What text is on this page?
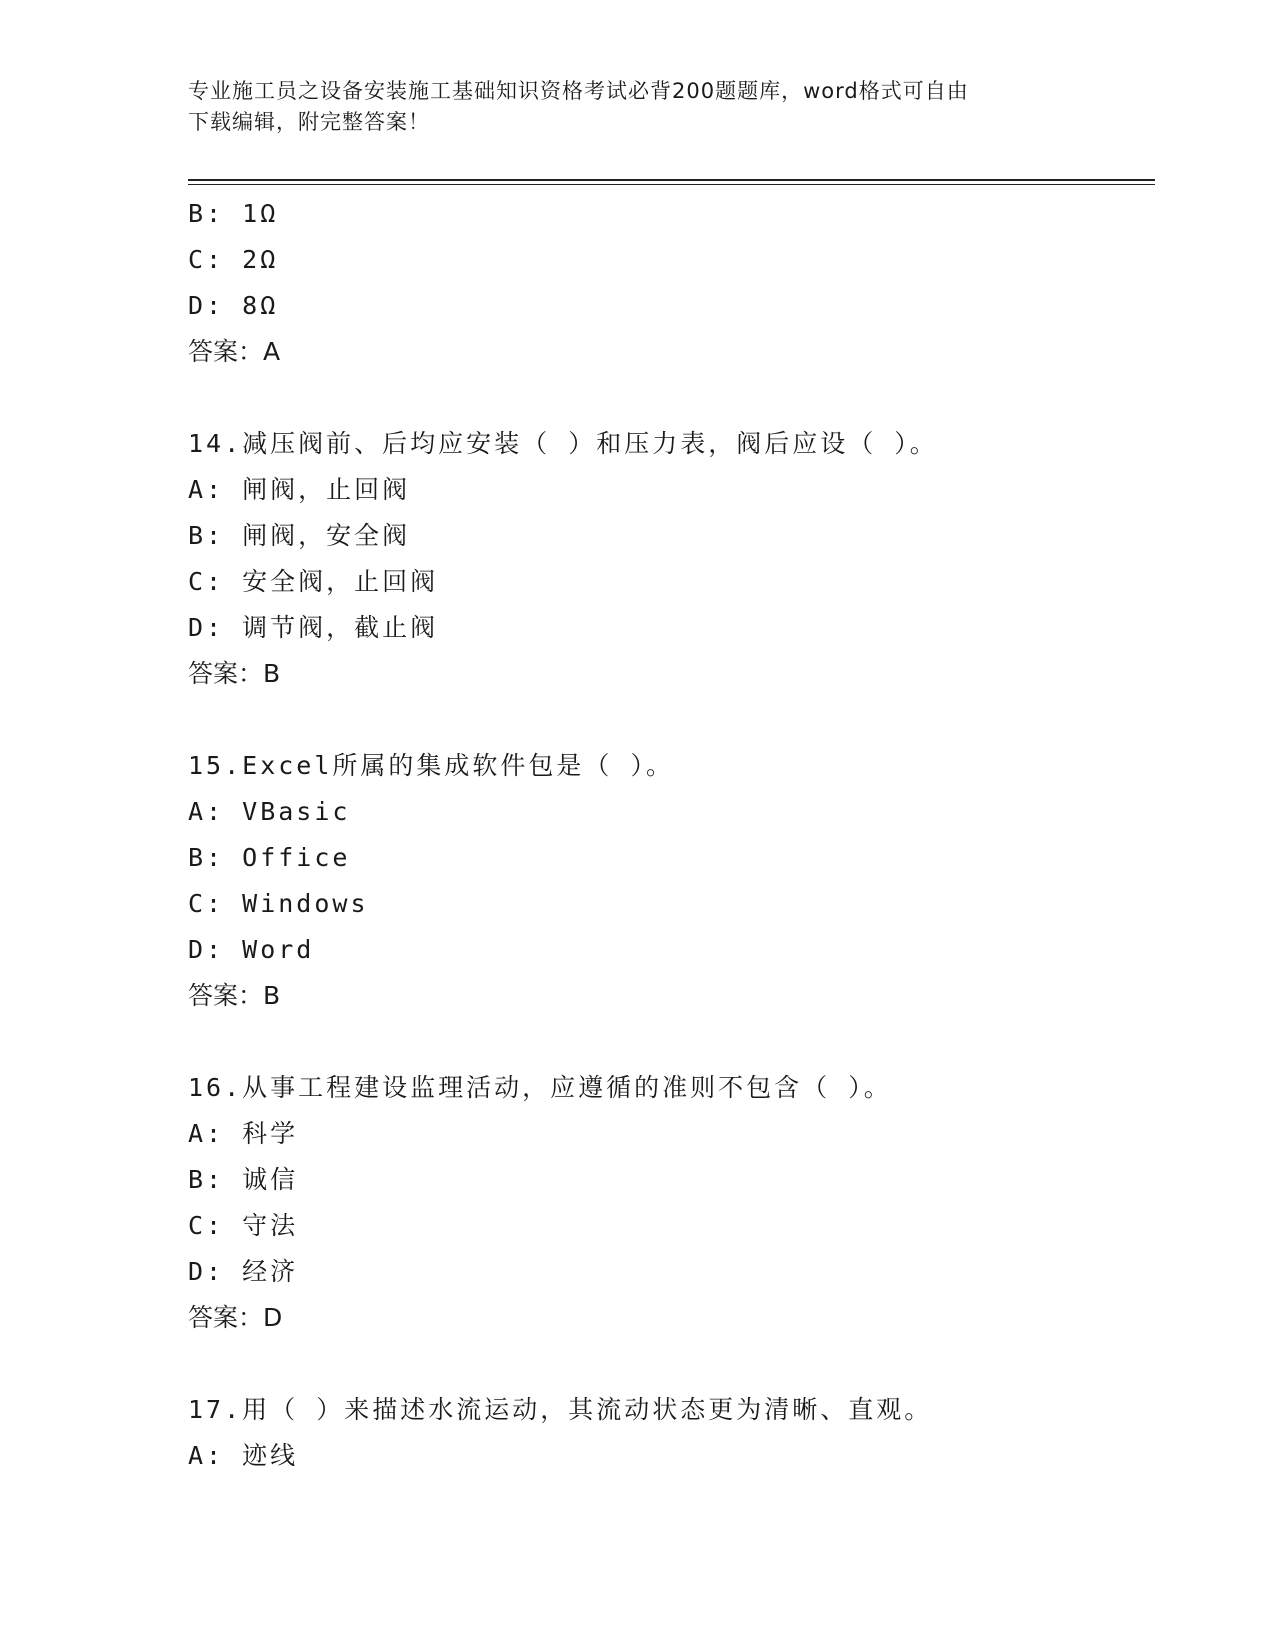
专业施工员之设备安装施工基础知识资格考试必背200题题库，word格式可自由
下载编辑，附完整答案！
B: 1Ω
C: 2Ω
D: 8Ω
答案：A
14.减压阀前、后均应安装（ ）和压力表，阀后应设（ ）。
A: 闸阀，止回阀
B: 闸阀，安全阀
C: 安全阀，止回阀
D: 调节阀，截止阀
答案：B
15.Excel所属的集成软件包是（ ）。
A: VBasic
B: Office
C: Windows
D: Word
答案：B
16.从事工程建设监理活动，应遵循的准则不包含（ ）。
A: 科学
B: 诚信
C: 守法
D: 经济
答案：D
17.用（ ）来描述水流运动，其流动状态更为清晰、直观。
A: 迹线
